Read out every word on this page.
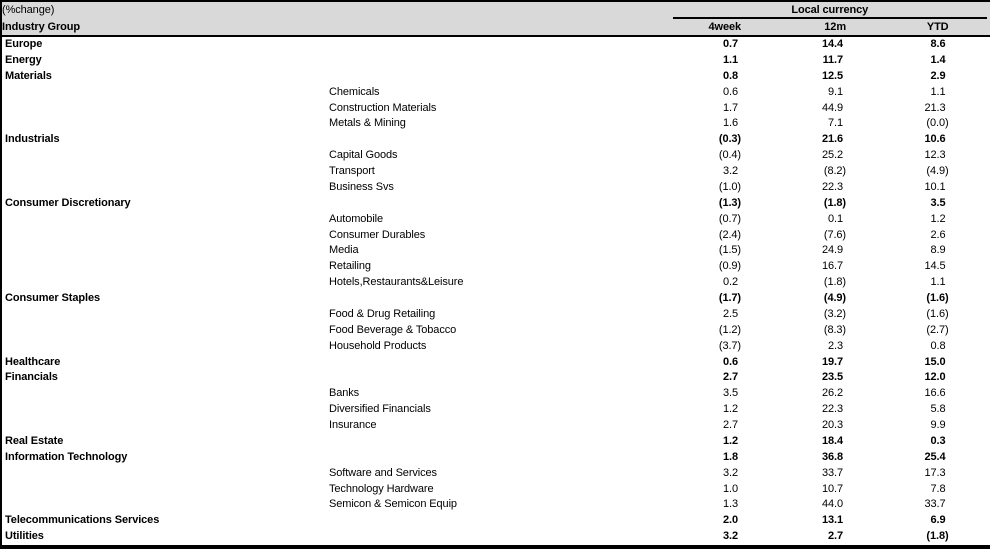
(%change)	Local currency		

Industry Group	4week	12m	YTD
Europe	0.7	14.4	8.6
Energy	1.1	11.7	1.4
Materials	0.8	12.5	2.9
Chemicals	0.6	9.1	1.1
Construction Materials	1.7	44.9	21.3
Metals & Mining	1.6	7.1	(0.0)
Industrials	(0.3)	21.6	10.6
Capital Goods	(0.4)	25.2	12.3
Transport	3.2	(8.2)	(4.9)
Business Svs	(1.0)	22.3	10.1
Consumer Discretionary	(1.3)	(1.8)	3.5
Automobile	(0.7)	0.1	1.2
Consumer Durables	(2.4)	(7.6)	2.6
Media	(1.5)	24.9	8.9
Retailing	(0.9)	16.7	14.5
Hotels,Restaurants&Leisure	0.2	(1.8)	1.1
Consumer Staples	(1.7)	(4.9)	(1.6)
Food & Drug Retailing	2.5	(3.2)	(1.6)
Food Beverage & Tobacco	(1.2)	(8.3)	(2.7)
Household Products	(3.7)	2.3	0.8
Healthcare	0.6	19.7	15.0
Financials	2.7	23.5	12.0
Banks	3.5	26.2	16.6
Diversified Financials	1.2	22.3	5.8
Insurance	2.7	20.3	9.9
Real Estate	1.2	18.4	0.3
Information Technology	1.8	36.8	25.4
Software and Services	3.2	33.7	17.3
Technology Hardware	1.0	10.7	7.8
Semicon & Semicon Equip	1.3	44.0	33.7
Telecommunications Services	2.0	13.1	6.9
Utilities	3.2	2.7	(1.8)
